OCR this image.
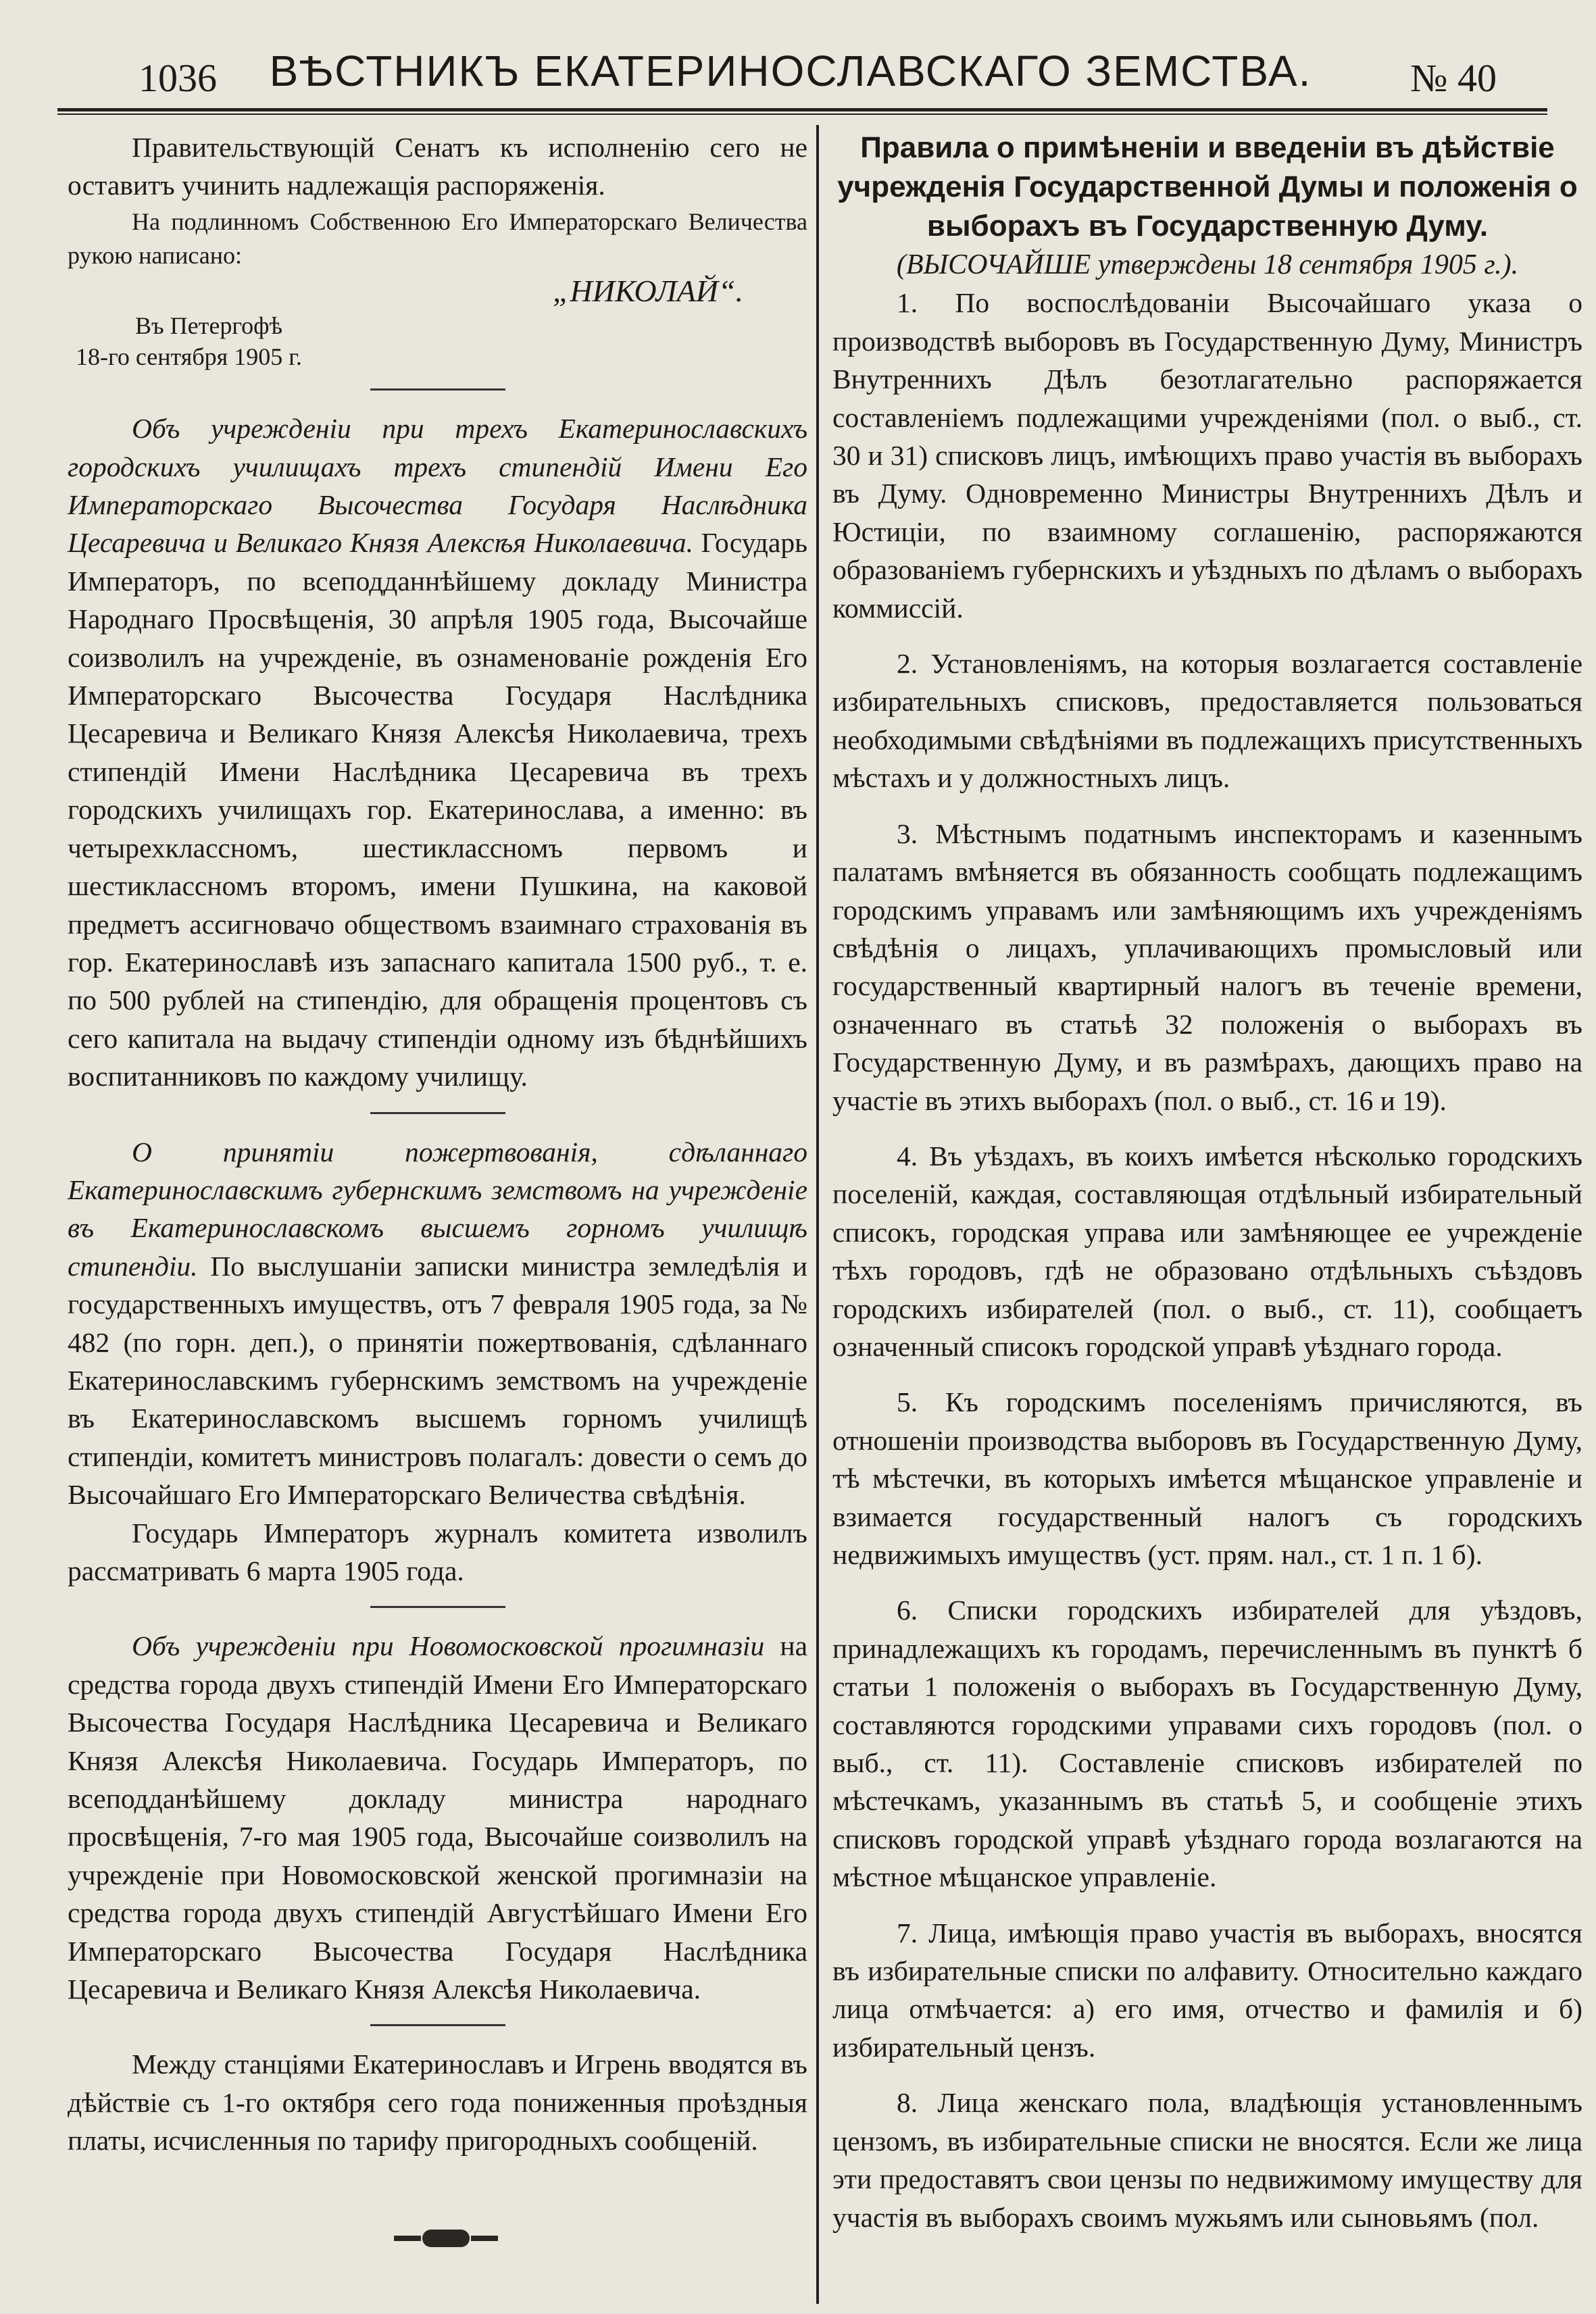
1036	ВѢСТНИКЪ ЕКАТЕРИНОСЛАВСКАГО ЗЕМСТВА.	№ 40

Правительствующій Сенатъ къ исполненію сего не оставитъ учинить надлежащія распоряженія.

На подлинномъ Собственною Его Императорскаго Величества рукою написано:

„НИКОЛАЙ“.

Въ Петергофѣ

18-го сентября 1905 г.

Объ учрежденіи при трехъ Екатеринославскихъ городскихъ училищахъ трехъ стипендій Имени Его Императорскаго Высочества Государя Наслѣдника Цесаревича и Великаго Князя Алексѣя Николаевича. Государь Императоръ, по всеподданнѣйшему докладу Министра Народнаго Просвѣщенія, 30 апрѣля 1905 года, Высочайше соизволилъ на учрежденіе, въ ознаменованіе рожденія Его Императорскаго Высочества Государя Наслѣдника Цесаревича и Великаго Князя Алексѣя Николаевича, трехъ стипендій Имени Наслѣдника Цесаревича въ трехъ городскихъ училищахъ гор. Екатеринослава, а именно: въ четырехклассномъ, шестиклассномъ первомъ и шестиклассномъ второмъ, имени Пушкина, на каковой предметъ ассигновачо обществомъ взаимнаго страхованія въ гор. Екатеринославѣ изъ запаснаго капитала 1500 руб., т. е. по 500 рублей на стипендію, для обращенія процентовъ съ сего капитала на выдачу стипендіи одному изъ бѣднѣйшихъ воспитанниковъ по каждому училищу.

О принятіи пожертвованія, сдѣланнаго Екатеринославскимъ губернскимъ земствомъ на учрежденіе въ Екатеринославскомъ высшемъ горномъ училищѣ стипендіи. По выслушаніи записки министра земледѣлія и государственныхъ имуществъ, отъ 7 февраля 1905 года, за № 482 (по горн. деп.), о принятіи пожертвованія, сдѣланнаго Екатеринославскимъ губернскимъ земствомъ на учрежденіе въ Екатеринославскомъ высшемъ горномъ училищѣ стипендіи, комитетъ министровъ полагалъ: довести о семъ до Высочайшаго Его Императорскаго Величества свѣдѣнія.

Государь Императоръ журналъ комитета изволилъ рассматривать 6 марта 1905 года.

Объ учрежденіи при Новомосковской прогимназіи на средства города двухъ стипендій Имени Его Императорскаго Высочества Государя Наслѣдника Цесаревича и Великаго Князя Алексѣя Николаевича. Государь Императоръ, по всеподданѣйшему докладу министра народнаго просвѣщенія, 7-го мая 1905 года, Высочайше соизволилъ на учрежденіе при Новомосковской женской прогимназіи на средства города двухъ стипендій Августѣйшаго Имени Его Императорскаго Высочества Государя Наслѣдника Цесаревича и Великаго Князя Алексѣя Николаевича.

Между станціями Екатеринославъ и Игрень вводятся въ дѣйствіе съ 1-го октября сего года пониженныя проѣздныя платы, исчисленныя по тарифу пригородныхъ сообщеній.

Правила о примѣненіи и введеніи въ дѣйствіе учрежденія Государственной Думы и положенія о выборахъ въ Государственную Думу.

(ВЫСОЧАЙШЕ утверждены 18 сентября 1905 г.).

1. По воспослѣдованіи Высочайшаго указа о производствѣ выборовъ въ Государственную Думу, Министръ Внутреннихъ Дѣлъ безотлагательно распоряжается составленіемъ подлежащими учрежденіями (пол. о выб., ст. 30 и 31) списковъ лицъ, имѣющихъ право участія въ выборахъ въ Думу. Одновременно Министры Внутреннихъ Дѣлъ и Юстиціи, по взаимному соглашенію, распоряжаются образованіемъ губернскихъ и уѣздныхъ по дѣламъ о выборахъ коммиссій.

2. Установленіямъ, на которыя возлагается составленіе избирательныхъ списковъ, предоставляется пользоваться необходимыми свѣдѣніями въ подлежащихъ присутственныхъ мѣстахъ и у должностныхъ лицъ.

3. Мѣстнымъ податнымъ инспекторамъ и казеннымъ палатамъ вмѣняется въ обязанность сообщать подлежащимъ городскимъ управамъ или замѣняющимъ ихъ учрежденіямъ свѣдѣнія о лицахъ, уплачивающихъ промысловый или государственный квартирный налогъ въ теченіе времени, означеннаго въ статьѣ 32 положенія о выборахъ въ Государственную Думу, и въ размѣрахъ, дающихъ право на участіе въ этихъ выборахъ (пол. о выб., ст. 16 и 19).

4. Въ уѣздахъ, въ коихъ имѣется нѣсколько городскихъ поселеній, каждая, составляющая отдѣльный избирательный списокъ, городская управа или замѣняющее ее учрежденіе тѣхъ городовъ, гдѣ не образовано отдѣльныхъ съѣздовъ городскихъ избирателей (пол. о выб., ст. 11), сообщаетъ означенный списокъ городской управѣ уѣзднаго города.

5. Къ городскимъ поселеніямъ причисляются, въ отношеніи производства выборовъ въ Государственную Думу, тѣ мѣстечки, въ которыхъ имѣется мѣщанское управленіе и взимается государственный налогъ съ городскихъ недвижимыхъ имуществъ (уст. прям. нал., ст. 1 п. 1 б).

6. Списки городскихъ избирателей для уѣздовъ, принадлежащихъ къ городамъ, перечисленнымъ въ пунктѣ б статьи 1 положенія о выборахъ въ Государственную Думу, составляются городскими управами сихъ городовъ (пол. о выб., ст. 11). Составленіе списковъ избирателей по мѣстечкамъ, указаннымъ въ статьѣ 5, и сообщеніе этихъ списковъ городской управѣ уѣзднаго города возлагаются на мѣстное мѣщанское управленіе.

7. Лица, имѣющія право участія въ выборахъ, вносятся въ избирательные списки по алфавиту. Относительно каждаго лица отмѣчается: а) его имя, отчество и фамилія и б) избирательный цензъ.

8. Лица женскаго пола, владѣющія установленнымъ цензомъ, въ избирательные списки не вносятся. Если же лица эти предоставятъ свои цензы по недвижимому имуществу для участія въ выборахъ своимъ мужьямъ или сыновьямъ (пол.
